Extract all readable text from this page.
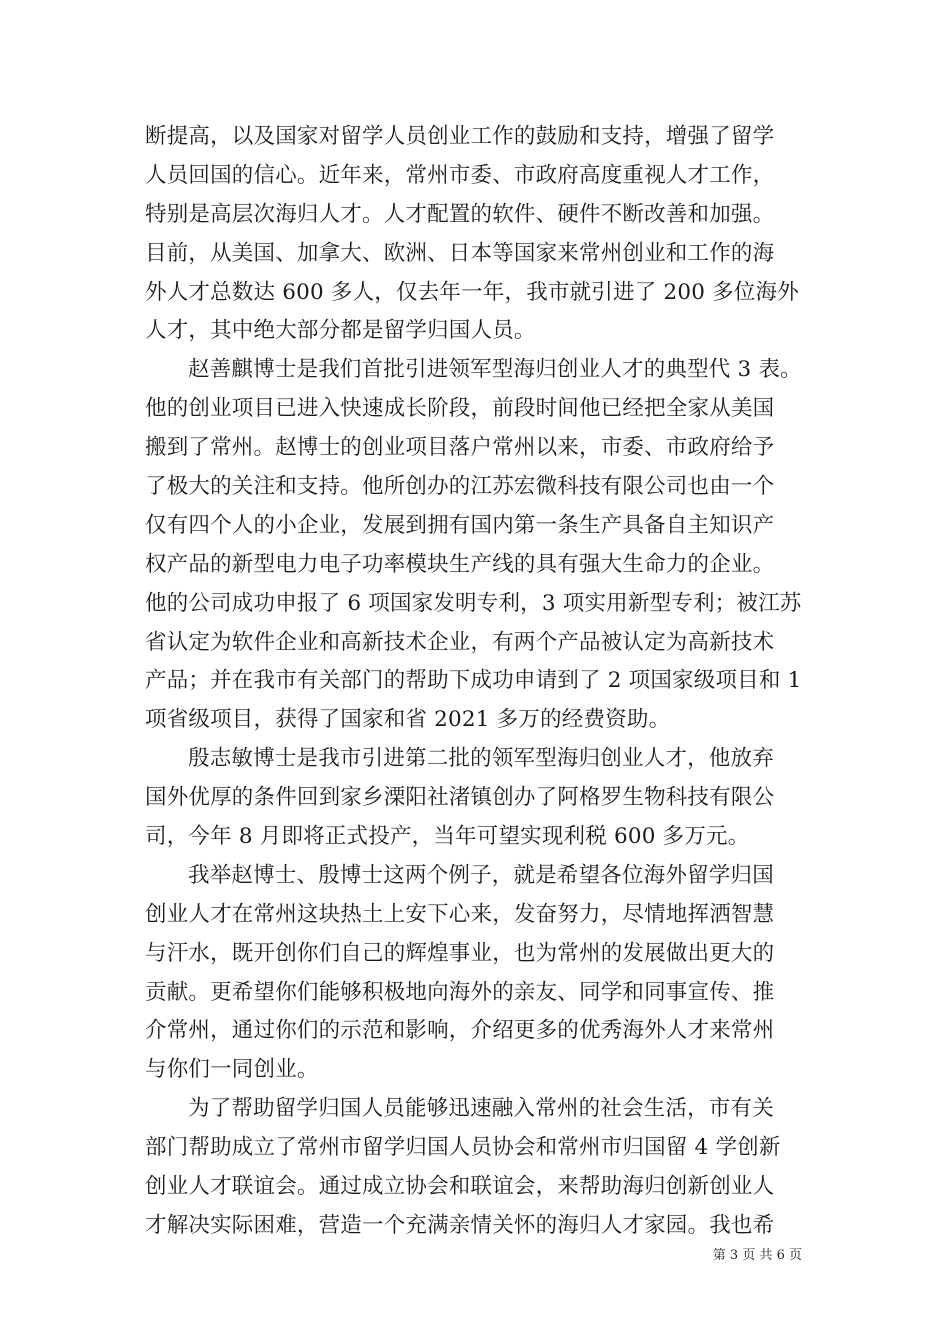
断提高，以及国家对留学人员创业工作的鼓励和支持，增强了留学
人员回国的信心。近年来，常州市委、市政府高度重视人才工作，
特别是高层次海归人才。人才配置的软件、硬件不断改善和加强。
目前，从美国、加拿大、欧洲、日本等国家来常州创业和工作的海
外人才总数达 600 多人，仅去年一年，我市就引进了 200 多位海外
人才，其中绝大部分都是留学归国人员。
赵善麒博士是我们首批引进领军型海归创业人才的典型代 3 表。
他的创业项目已进入快速成长阶段，前段时间他已经把全家从美国
搬到了常州。赵博士的创业项目落户常州以来，市委、市政府给予
了极大的关注和支持。他所创办的江苏宏微科技有限公司也由一个
仅有四个人的小企业，发展到拥有国内第一条生产具备自主知识产
权产品的新型电力电子功率模块生产线的具有强大生命力的企业。
他的公司成功申报了 6 项国家发明专利，3 项实用新型专利；被江苏
省认定为软件企业和高新技术企业，有两个产品被认定为高新技术
产品；并在我市有关部门的帮助下成功申请到了 2 项国家级项目和 1
项省级项目，获得了国家和省 2021 多万的经费资助。
殷志敏博士是我市引进第二批的领军型海归创业人才，他放弃
国外优厚的条件回到家乡溧阳社渚镇创办了阿格罗生物科技有限公
司，今年 8 月即将正式投产，当年可望实现利税 600 多万元。
我举赵博士、殷博士这两个例子，就是希望各位海外留学归国
创业人才在常州这块热土上安下心来，发奋努力，尽情地挥洒智慧
与汗水，既开创你们自己的辉煌事业，也为常州的发展做出更大的
贡献。更希望你们能够积极地向海外的亲友、同学和同事宣传、推
介常州，通过你们的示范和影响，介绍更多的优秀海外人才来常州
与你们一同创业。
为了帮助留学归国人员能够迅速融入常州的社会生活，市有关
部门帮助成立了常州市留学归国人员协会和常州市归国留 4 学创新
创业人才联谊会。通过成立协会和联谊会，来帮助海归创新创业人
才解决实际困难，营造一个充满亲情关怀的海归人才家园。我也希
第 3 页 共 6 页
